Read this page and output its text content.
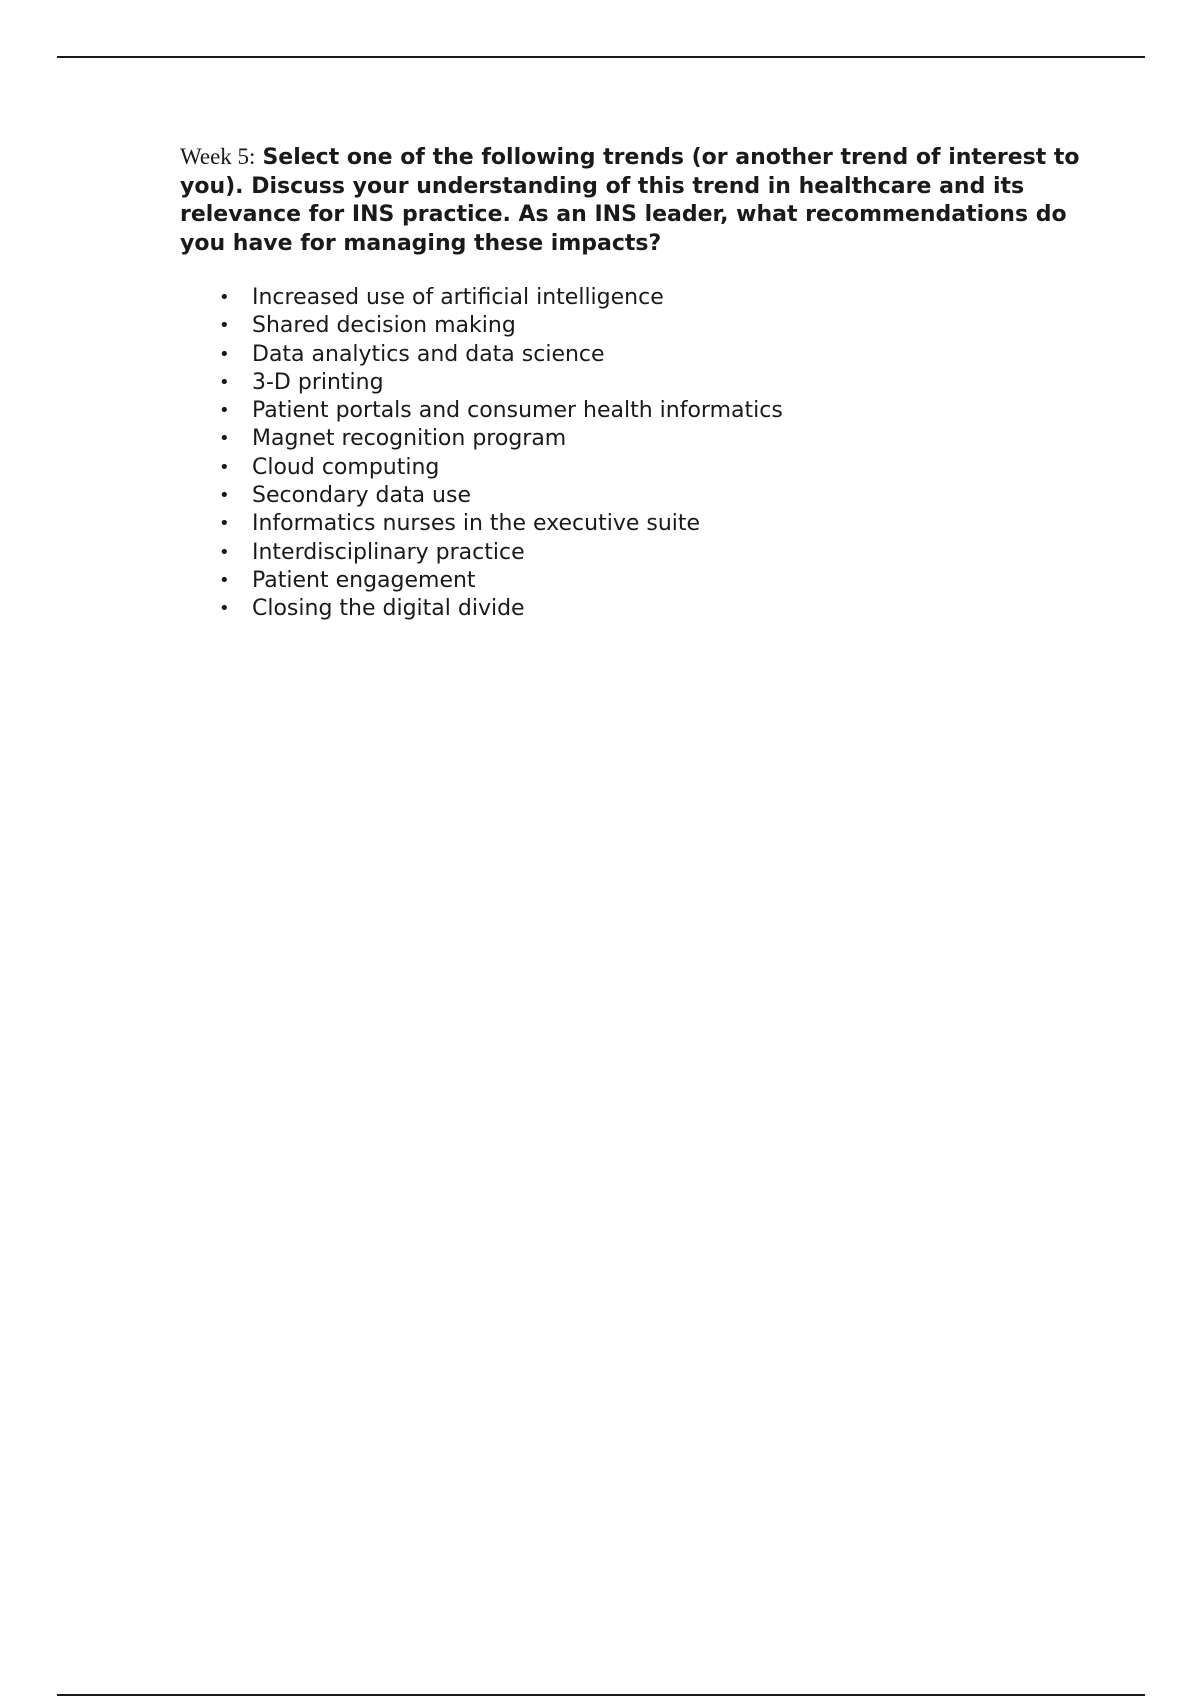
Week 5: Select one of the following trends (or another trend of interest to you). Discuss your understanding of this trend in healthcare and its relevance for INS practice. As an INS leader, what recommendations do you have for managing these impacts?

• Increased use of artificial intelligence
• Shared decision making
• Data analytics and data science
• 3-D printing
• Patient portals and consumer health informatics
• Magnet recognition program
• Cloud computing
• Secondary data use
• Informatics nurses in the executive suite
• Interdisciplinary practice
• Patient engagement
• Closing the digital divide
